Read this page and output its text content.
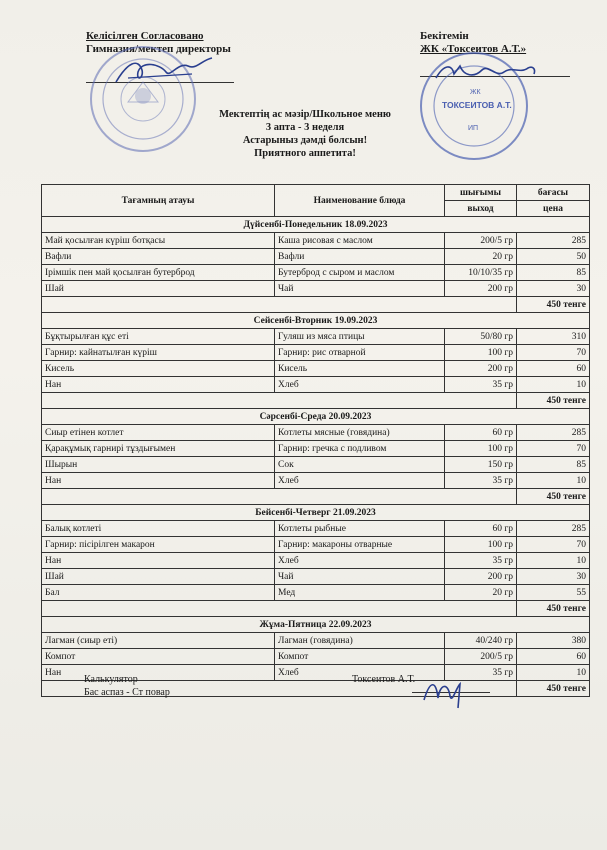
Келісілген Согласовано
Гимназия/мектеп директоры
Бекітемін
ЖК «Токсеитов А.Т.»
ЖК
ТОКСЕИТОВ А.Т.
ИП
Мектептің ас мәзір/Школьное меню
3 апта - 3 неделя
Астарыныз дәмді болсын!
Приятного аппетита!
Тағамның атауы	Наименование блюда	шығымы	бағасы
		выход	цена
Дүйсенбі-Понедельник 18.09.2023			
Май қосылған күріш ботқасы	Каша рисовая с маслом	200/5 гр	285
Вафли	Вафли	20 гр	50
Ірімшік пен май қосылған бутерброд	Бутерброд с сыром и маслом	10/10/35 гр	85
Шай	Чай	200 гр	30
			450 тенге
Сейсенбі-Вторник 19.09.2023			
Бұқтырылған құс еті	Гуляш из мяса птицы	50/80 гр	310
Гарнир: кайнатылған күріш	Гарнир: рис отварной	100 гр	70
Кисель	Кисель	200 гр	60
Нан	Хлеб	35 гр	10
			450 тенге
Сәрсенбі-Среда 20.09.2023			
Сиыр етінен котлет	Котлеты мясные (говядина)	60 гр	285
Қарақұмық гарнирі тұздығымен	Гарнир: гречка с подливом	100 гр	70
Шырын	Сок	150 гр	85
Нан	Хлеб	35 гр	10
			450 тенге
Бейсенбі-Четверг 21.09.2023			
Балық котлеті	Котлеты рыбные	60 гр	285
Гарнир: пісірілген макарон	Гарнир: макароны отварные	100 гр	70
Нан	Хлеб	35 гр	10
Шай	Чай	200 гр	30
Бал	Мед	20 гр	55
			450 тенге
Жұма-Пятница 22.09.2023			
Лагман (сиыр еті)	Лагман (говядина)	40/240 гр	380
Компот	Компот	200/5 гр	60
Нан	Хлеб	35 гр	10
			450 тенге
Калькулятор
Бас аспаз - Ст повар
Токсеитов А.Т.
